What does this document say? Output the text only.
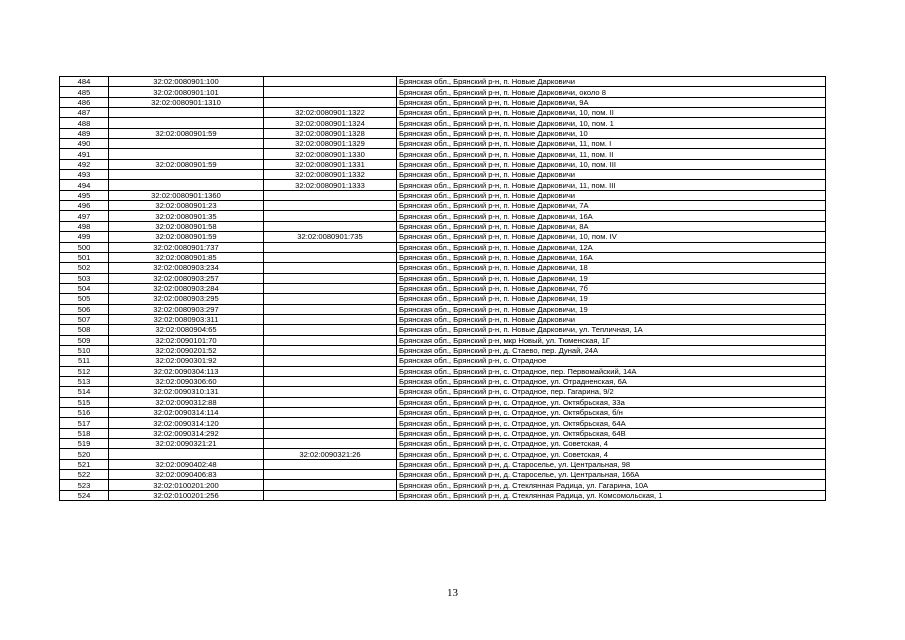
484	32:02:0080901:100		Брянская обл., Брянский р-н, п. Новые Дарковичи
485	32:02:0080901:101		Брянская обл., Брянский р-н, п. Новые Дарковичи, около 8
486	32:02:0080901:1310		Брянская обл., Брянский р-н, п. Новые Дарковичи, 9А
487		32:02:0080901:1322	Брянская обл., Брянский р-н, п. Новые Дарковичи, 10, пом. II
488		32:02:0080901:1324	Брянская обл., Брянский р-н, п. Новые Дарковичи, 10, пом. 1
489	32:02:0080901:59	32:02:0080901:1328	Брянская обл., Брянский р-н, п. Новые Дарковичи, 10
490		32:02:0080901:1329	Брянская обл., Брянский р-н, п. Новые Дарковичи, 11, пом. I
491		32:02:0080901:1330	Брянская обл., Брянский р-н, п. Новые Дарковичи, 11, пом. II
492	32:02:0080901:59	32:02:0080901:1331	Брянская обл., Брянский р-н, п. Новые Дарковичи, 10, пом. III
493		32:02:0080901:1332	Брянская обл., Брянский р-н, п. Новые Дарковичи
494		32:02:0080901:1333	Брянская обл., Брянский р-н, п. Новые Дарковичи, 11, пом. III
495	32:02:0080901:1360		Брянская обл., Брянский р-н, п. Новые Дарковичи
496	32:02:0080901:23		Брянская обл., Брянский р-н, п. Новые Дарковичи, 7А
497	32:02:0080901:35		Брянская обл., Брянский р-н, п. Новые Дарковичи, 16А
498	32:02:0080901:58		Брянская обл., Брянский р-н, п. Новые Дарковичи, 8А
499	32:02:0080901:59	32:02:0080901:735	Брянская обл., Брянский р-н, п. Новые Дарковичи, 10, пом. IV
500	32:02:0080901:737		Брянская обл., Брянский р-н, п. Новые Дарковичи, 12А
501	32:02:0080901:85		Брянская обл., Брянский р-н, п. Новые Дарковичи, 16А
502	32:02:0080903:234		Брянская обл., Брянский р-н, п. Новые Дарковичи, 18
503	32:02:0080903:257		Брянская обл., Брянский р-н, п. Новые Дарковичи, 19
504	32:02:0080903:284		Брянская обл., Брянский р-н, п. Новые Дарковичи, 7б
505	32:02:0080903:295		Брянская обл., Брянский р-н, п. Новые Дарковичи, 19
506	32:02:0080903:297		Брянская обл., Брянский р-н, п. Новые Дарковичи, 19
507	32:02:0080903:311		Брянская обл., Брянский р-н, п. Новые Дарковичи
508	32:02:0080904:65		Брянская обл., Брянский р-н, п. Новые Дарковичи, ул. Тепличная, 1А
509	32:02:0090101:70		Брянская обл., Брянский р-н, мкр Новый, ул. Тюменская, 1Г
510	32:02:0090201:52		Брянская обл., Брянский р-н, д. Стаево, пер. Дунай, 24А
511	32:02:0090301:92		Брянская обл., Брянский р-н, с. Отрадное
512	32:02:0090304:113		Брянская обл., Брянский р-н, с. Отрадное, пер. Первомайский, 14А
513	32:02:0090306:60		Брянская обл., Брянский р-н, с. Отрадное, ул. Отрадненская, 6А
514	32:02:0090310:131		Брянская обл., Брянский р-н, с. Отрадное, пер. Гагарина, 9/2
515	32:02:0090312:88		Брянская обл., Брянский р-н, с. Отрадное, ул. Октябрьская, 33а
516	32:02:0090314:114		Брянская обл., Брянский р-н, с. Отрадное, ул. Октябрьская, б/н
517	32:02:0090314:120		Брянская обл., Брянский р-н, с. Отрадное, ул. Октябрьская, 64А
518	32:02:0090314:292		Брянская обл., Брянский р-н, с. Отрадное, ул. Октябрьская, 64В
519	32:02:0090321:21		Брянская обл., Брянский р-н, с. Отрадное, ул. Советская, 4
520		32:02:0090321:26	Брянская обл., Брянский р-н, с. Отрадное, ул. Советская, 4
521	32:02:0090402:48		Брянская обл., Брянский р-н, д. Староселье, ул. Центральная, 98
522	32:02:0090406:83		Брянская обл., Брянский р-н, д. Староселье, ул. Центральная, 166А
523	32:02:0100201:200		Брянская обл., Брянский р-н, д. Стеклянная Радица, ул. Гагарина, 10А
524	32:02:0100201:256		Брянская обл., Брянский р-н, д. Стеклянная Радица, ул. Комсомольская, 1
13
